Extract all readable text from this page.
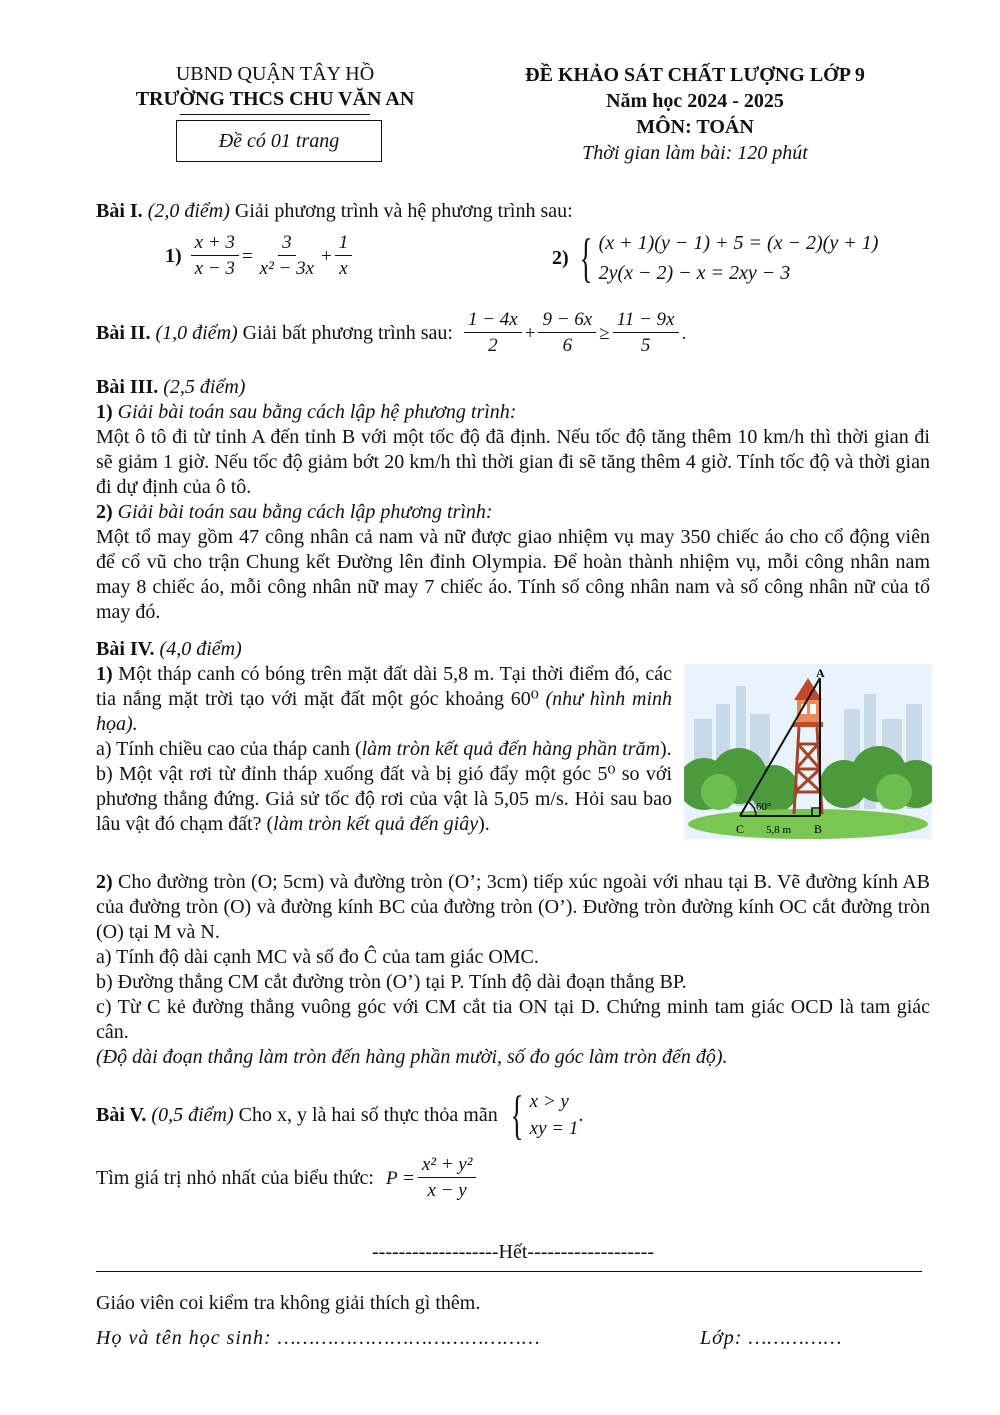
UBND QUẬN TÂY HỒ
TRƯỜNG THCS CHU VĂN AN
Đề có 01 trang
ĐỀ KHẢO SÁT CHẤT LƯỢNG LỚP 9
Năm học 2024 - 2025
MÔN: TOÁN
Thời gian làm bài: 120 phút
Bài I. (2,0 điểm) Giải phương trình và hệ phương trình sau:
$1) \frac{x + 3}{x - 3} = \frac{3}{\text{x² − 3x}} + \frac{1}{x}$	2) { (x + 1)(y − 1) + 5 = (x − 2)(y + 1)
2y(x − 2) − x = 2xy − 3
Bài II.
(1,0 điểm) Giải bất phương trình sau: $\frac{1 - 4x}{2} + \frac{9 - 6x}{6} \ge \frac{11 - 9x}{5}$ .
Bài III. (2,5 điểm)
1) Giải bài toán sau bằng cách lập hệ phương trình:
Một ô tô đi từ tỉnh A đến tỉnh B với một tốc độ đã định. Nếu tốc độ tăng thêm 10 km/h thì thời gian đi sẽ giảm 1 giờ. Nếu tốc độ giảm bớt 20 km/h thì thời gian đi sẽ tăng thêm 4 giờ. Tính tốc độ và thời gian đi dự định của ô tô.
2) Giải bài toán sau bằng cách lập phương trình:
Một tổ may gồm 47 công nhân cả nam và nữ được giao nhiệm vụ may 350 chiếc áo cho cổ động viên để cổ vũ cho trận Chung kết Đường lên đỉnh Olympia. Để hoàn thành nhiệm vụ, mỗi công nhân nam may 8 chiếc áo, mỗi công nhân nữ may 7 chiếc áo. Tính số công nhân nam và số công nhân nữ của tổ may đó.
Bài IV. (4,0 điểm)
1) Một tháp canh có bóng trên mặt đất dài 5,8 m. Tại thời điểm đó, các tia nắng mặt trời tạo với mặt đất một góc khoảng 60⁰ (như hình minh họa).
a) Tính chiều cao của tháp canh (làm tròn kết quả đến hàng phần trăm).
b) Một vật rơi từ đỉnh tháp xuống đất và bị gió đẩy một góc 5⁰ so với phương thẳng đứng. Giả sử tốc độ rơi của vật là 5,05 m/s. Hỏi sau bao lâu vật đó chạm đất? (làm tròn kết quả đến giây).
A
C	B
60°
5,8 m
2) Cho đường tròn (O; 5cm) và đường tròn (O’; 3cm) tiếp xúc ngoài với nhau tại B. Vẽ đường kính AB của đường tròn (O) và đường kính BC của đường tròn (O’). Đường tròn đường kính OC cắt đường tròn (O) tại M và N.
a) Tính độ dài cạnh MC và số đo Ĉ của tam giác OMC.
b) Đường thẳng CM cắt đường tròn (O’) tại P. Tính độ dài đoạn thẳng BP.
c) Từ C kẻ đường thẳng vuông góc với CM cắt tia ON tại D. Chứng minh tam giác OCD là tam giác cân.
(Độ dài đoạn thẳng làm tròn đến hàng phần mười, số đo góc làm tròn đến độ).
Bài V.
(0,5 điểm) Cho x, y là hai số thực thỏa mãn { x > y
xy = 1
.
Tìm giá trị nhỏ nhất của biểu thức: $P = \frac{\text{x² + y²}}{x - y}$
-------------------Hết-------------------
Giáo viên coi kiểm tra không giải thích gì thêm.
Họ và tên học sinh: ……………………………………	Lớp: ……………
